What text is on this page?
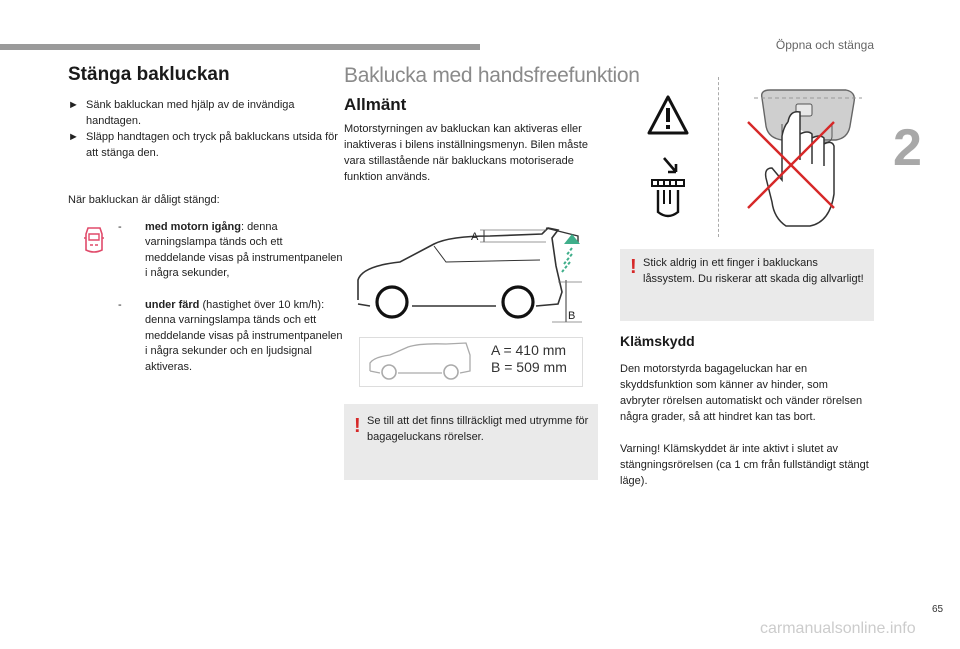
Öppna och stänga
2
Stänga bakluckan
► Sänk bakluckan med hjälp av de invändiga handtagen.
► Släpp handtagen och tryck på bakluckans utsida för att stänga den.
När bakluckan är dåligt stängd:
- med motorn igång: denna varningslampa tänds och ett meddelande visas på instrumentpanelen i några sekunder,
- under färd (hastighet över 10 km/h): denna varningslampa tänds och ett meddelande visas på instrumentpanelen i några sekunder och en ljudsignal aktiveras.
Baklucka med handsfreefunktion
Allmänt
Motorstyrningen av bakluckan kan aktiveras eller inaktiveras i bilens inställningsmenyn. Bilen måste vara stillastående när bakluckans motoriserade funktion används.
A
B
A = 410 mm
B = 509 mm
! Se till att det finns tillräckligt med utrymme för bagageluckans rörelser.
! Stick aldrig in ett finger i bakluckans låssystem. Du riskerar att skada dig allvarligt!
Klämskydd
Den motorstyrda bagageluckan har en skyddsfunktion som känner av hinder, som avbryter rörelsen automatiskt och vänder rörelsen några grader, så att hindret kan tas bort.
Varning! Klämskyddet är inte aktivt i slutet av stängningsrörelsen (ca 1 cm från fullständigt stängt läge).
65
carmanualsonline.info
